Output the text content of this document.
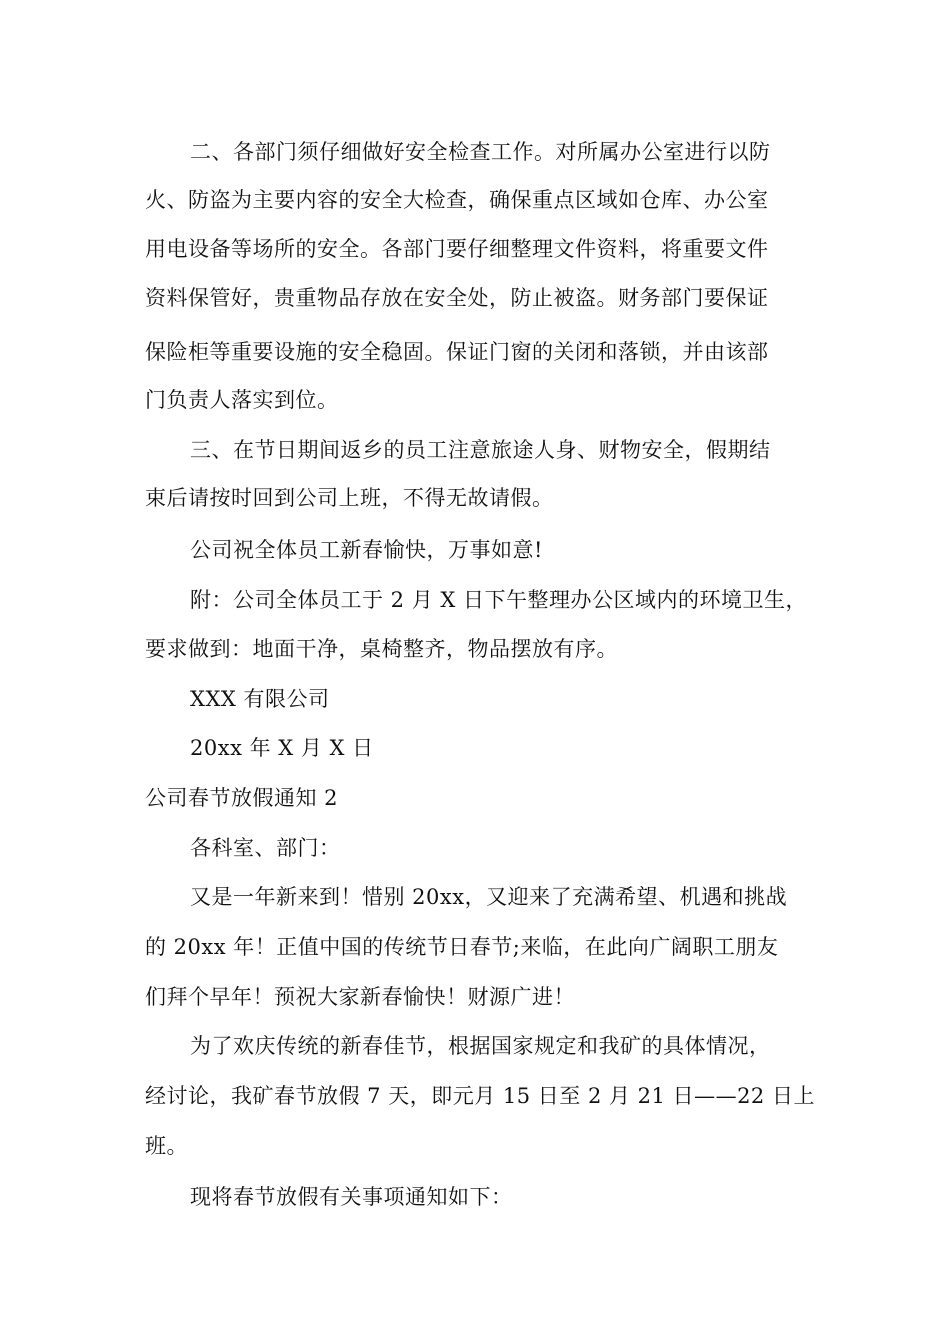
二、各部门须仔细做好安全检查工作。对所属办公室进行以防
火、防盗为主要内容的安全大检查，确保重点区域如仓库、办公室
用电设备等场所的安全。各部门要仔细整理文件资料，将重要文件
资料保管好，贵重物品存放在安全处，防止被盗。财务部门要保证
保险柜等重要设施的安全稳固。保证门窗的关闭和落锁，并由该部
门负责人落实到位。
三、在节日期间返乡的员工注意旅途人身、财物安全，假期结
束后请按时回到公司上班，不得无故请假。
公司祝全体员工新春愉快，万事如意!
附：公司全体员工于 2 月 X 日下午整理办公区域内的环境卫生，
要求做到：地面干净，桌椅整齐，物品摆放有序。
XXX 有限公司
20xx 年 X 月 X 日
公司春节放假通知 2
各科室、部门：
又是一年新来到！惜别 20xx，又迎来了充满希望、机遇和挑战
的 20xx 年！正值中国的传统节日春节;来临，在此向广阔职工朋友
们拜个早年！预祝大家新春愉快！财源广进！
为了欢庆传统的新春佳节，根据国家规定和我矿的具体情况，
经讨论，我矿春节放假 7 天，即元月 15 日至 2 月 21 日——22 日上
班。
现将春节放假有关事项通知如下：
